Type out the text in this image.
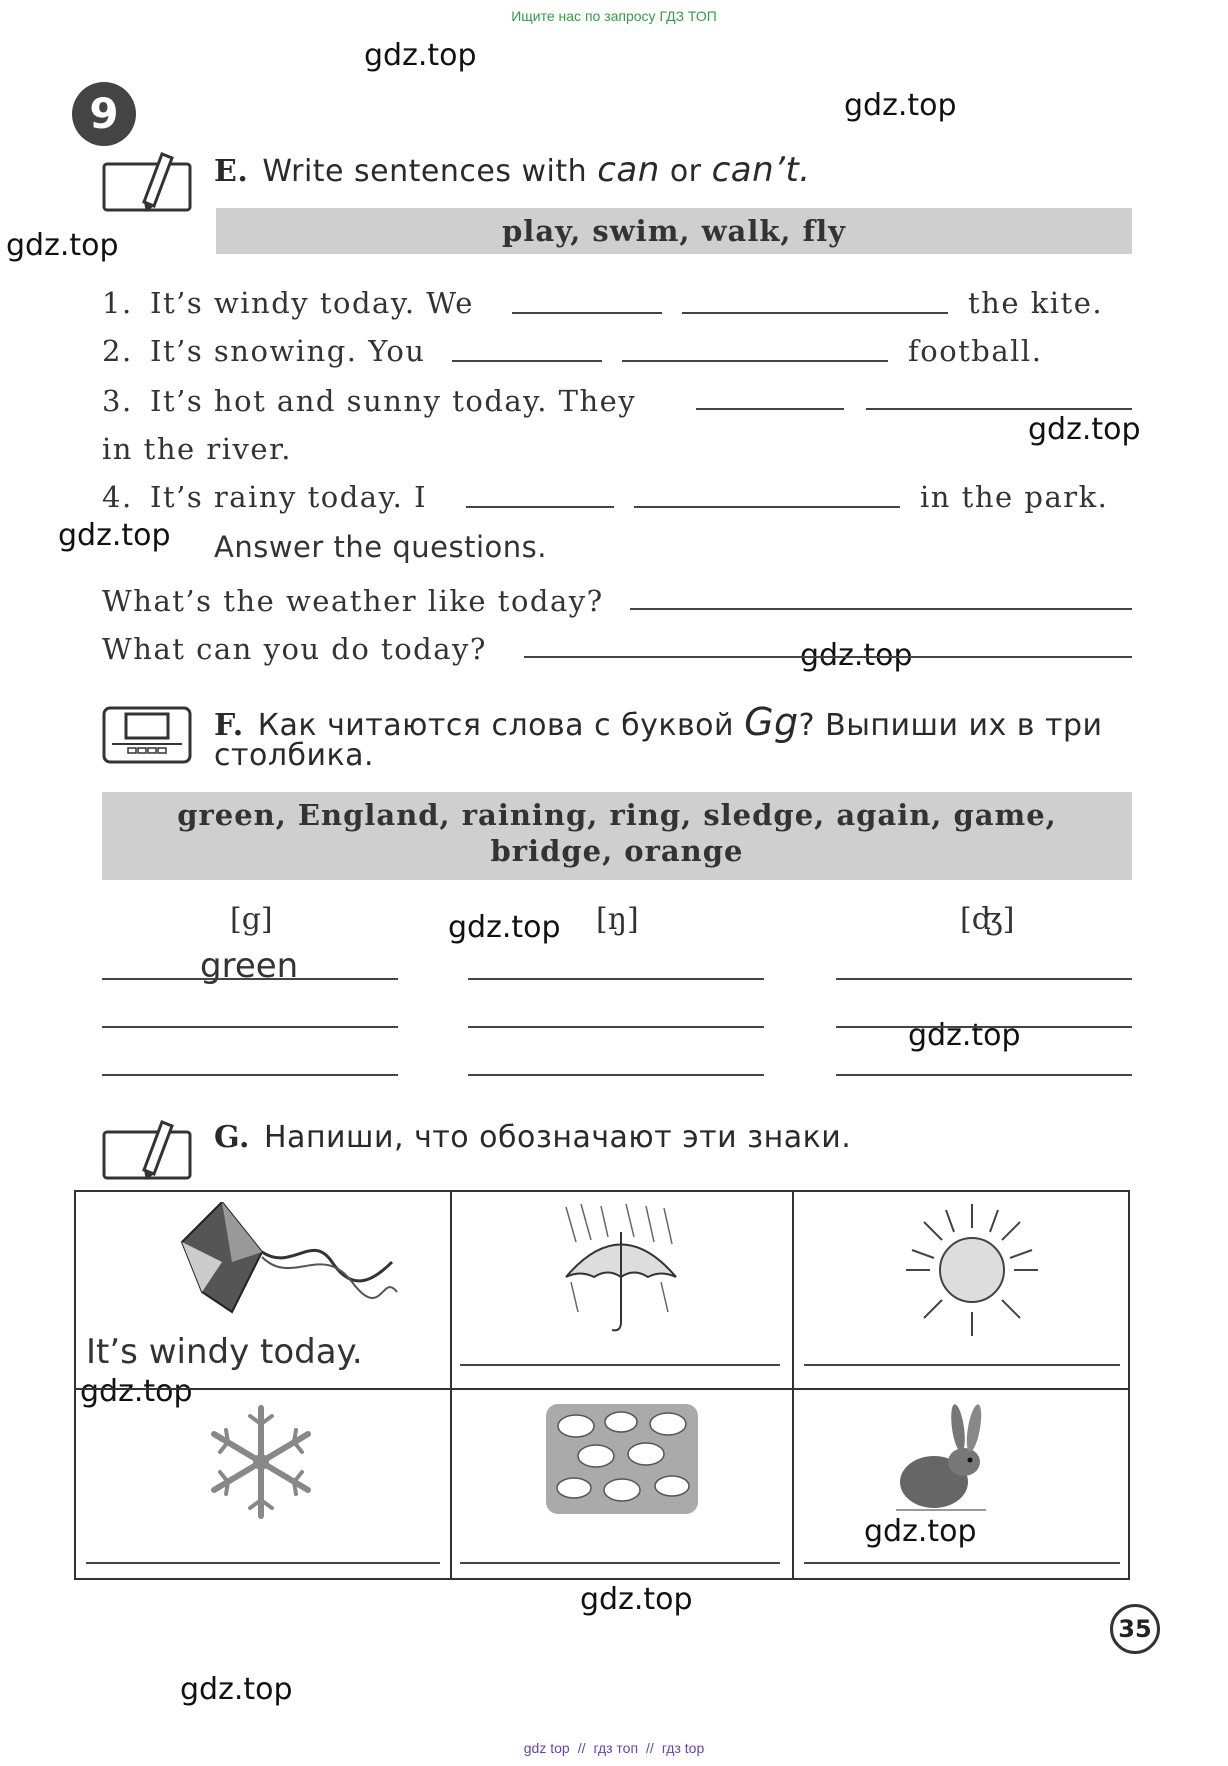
Ищите нас по запросу ГДЗ ТОП
gdz.top
gdz.top
gdz.top
gdz.top
gdz.top
gdz.top
gdz.top
gdz.top
gdz.top
gdz.top
gdz.top
gdz.top
9
E. Write sentences with can or can’t.
play, swim, walk, fly
1. It’s windy today. We	the kite.
2. It’s snowing. You	football.
3. It’s hot and sunny today. They
in the river.
4. It’s rainy today. I	in the park.
Answer the questions.
What’s the weather like today?
What can you do today?
F. Как читаются слова с буквой Gg? Выпиши их в три
столбика.
green, England, raining, ring, sledge, again, game,
bridge, orange
[g]	[ŋ]	[ʤ]
green
G. Напиши, что обозначают эти знаки.
It’s windy today.
35
gdz top // гдз топ // гдз top
